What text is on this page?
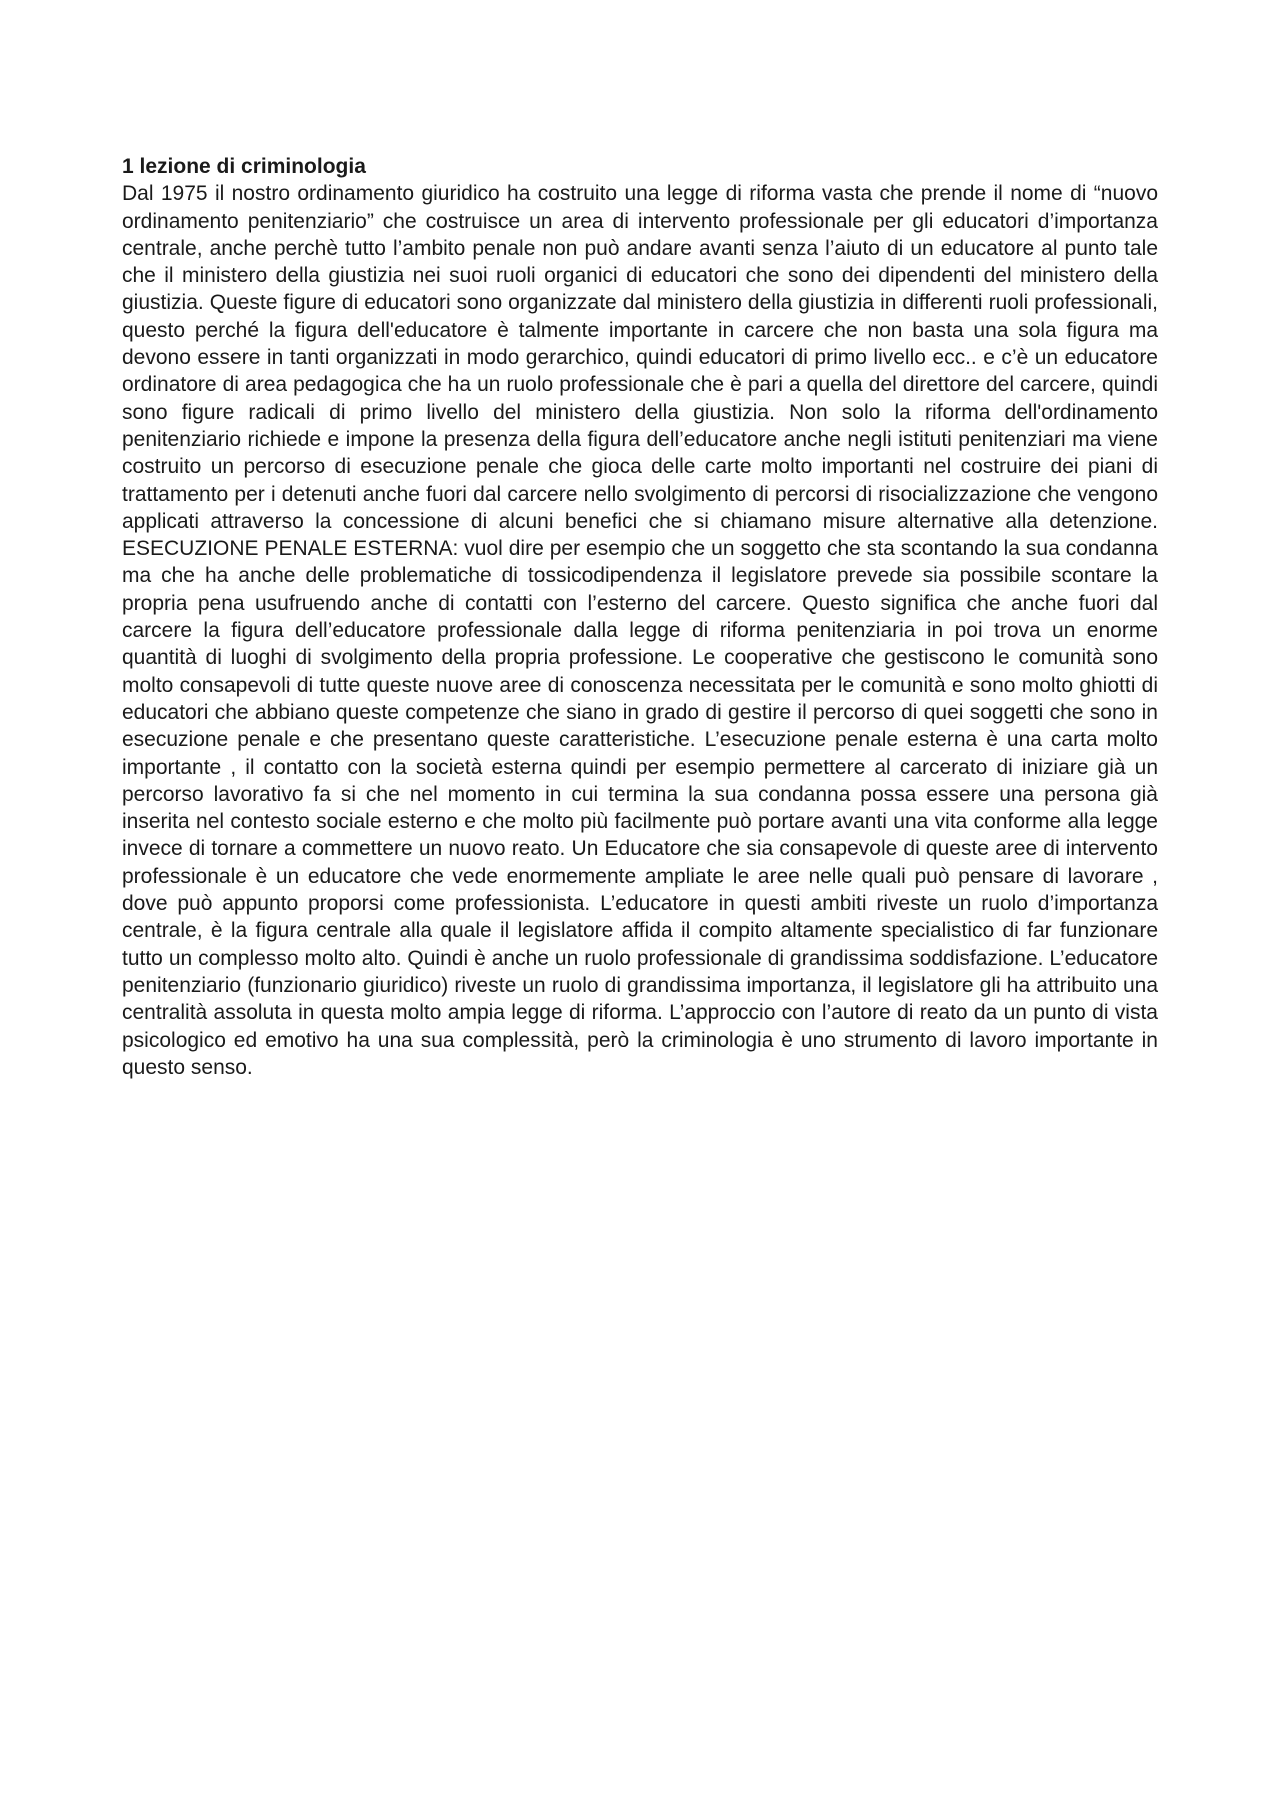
1 lezione di criminologia

Dal 1975 il nostro ordinamento giuridico ha costruito una legge di riforma vasta che prende il nome di “nuovo ordinamento penitenziario” che costruisce un area di intervento professionale per gli educatori d’importanza centrale, anche perchè tutto l’ambito penale non può andare avanti senza l’aiuto di un educatore al punto tale che il ministero della giustizia nei suoi ruoli organici di educatori che sono dei dipendenti del ministero della giustizia. Queste figure di educatori sono organizzate dal ministero della giustizia in differenti ruoli professionali, questo perché la figura dell'educatore è talmente importante in carcere che non basta una sola figura ma devono essere in tanti organizzati in modo gerarchico, quindi educatori di primo livello ecc.. e c’è un educatore ordinatore di area pedagogica che ha un ruolo professionale che è pari a quella del direttore del carcere, quindi sono figure radicali di primo livello del ministero della giustizia. Non solo la riforma dell'ordinamento penitenziario richiede e impone la presenza della figura dell’educatore anche negli istituti penitenziari ma viene costruito un percorso di esecuzione penale che gioca delle carte molto importanti nel costruire dei piani di trattamento per i detenuti anche fuori dal carcere nello svolgimento di percorsi di risocializzazione che vengono applicati attraverso la concessione di alcuni benefici che si chiamano misure alternative alla detenzione. ESECUZIONE PENALE ESTERNA: vuol dire per esempio che un soggetto che sta scontando la sua condanna ma che ha anche delle problematiche di tossicodipendenza il legislatore prevede sia possibile scontare la propria pena usufruendo anche di contatti con l’esterno del carcere. Questo significa che anche fuori dal carcere la figura dell’educatore professionale dalla legge di riforma penitenziaria in poi trova un enorme quantità di luoghi di svolgimento della propria professione. Le cooperative che gestiscono le comunità sono molto consapevoli di tutte queste nuove aree di conoscenza necessitata per le comunità e sono molto ghiotti di educatori che abbiano queste competenze che siano in grado di gestire il percorso di quei soggetti che sono in esecuzione penale e che presentano queste caratteristiche. L’esecuzione penale esterna è una carta molto importante , il contatto con la società esterna quindi per esempio permettere al carcerato di iniziare già un percorso lavorativo fa si che nel momento in cui termina la sua condanna possa essere una persona già inserita nel contesto sociale esterno e che molto più facilmente può portare avanti una vita conforme alla legge invece di tornare a commettere un nuovo reato. Un Educatore che sia consapevole di queste aree di intervento professionale è un educatore che vede enormemente ampliate le aree nelle quali può pensare di lavorare , dove può appunto proporsi come professionista. L’educatore in questi ambiti riveste un ruolo d’importanza centrale, è la figura centrale alla quale il legislatore affida il compito altamente specialistico di far funzionare tutto un complesso molto alto. Quindi è anche un ruolo professionale di grandissima soddisfazione. L’educatore penitenziario (funzionario giuridico) riveste un ruolo di grandissima importanza, il legislatore gli ha attribuito una centralità assoluta in questa molto ampia legge di riforma. L’approccio con l’autore di reato da un punto di vista psicologico ed emotivo ha una sua complessità, però la criminologia è uno strumento di lavoro importante in questo senso.
